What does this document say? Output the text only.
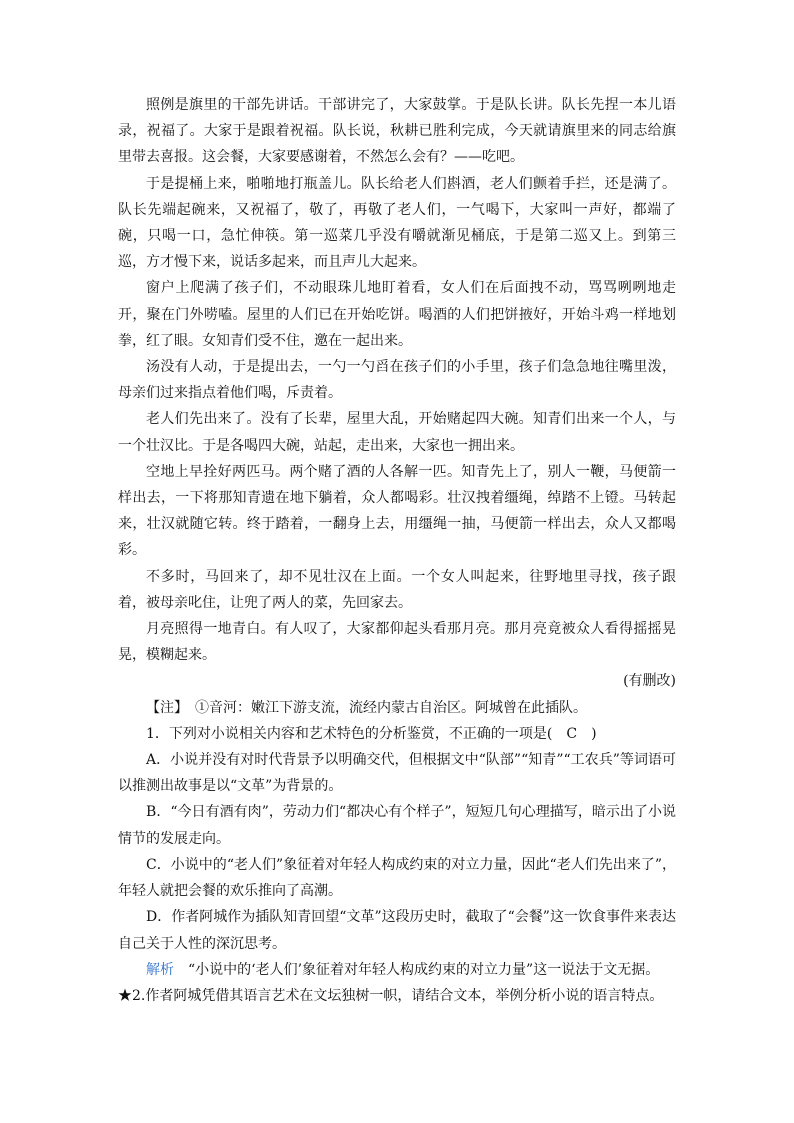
照例是旗里的干部先讲话。干部讲完了，大家鼓掌。于是队长讲。队长先捏一本儿语录，祝福了。大家于是跟着祝福。队长说，秋耕已胜利完成，今天就请旗里来的同志给旗里带去喜报。这会餐，大家要感谢着，不然怎么会有？——吃吧。

于是提桶上来，啪啪地打瓶盖儿。队长给老人们斟酒，老人们颤着手拦，还是满了。队长先端起碗来，又祝福了，敬了，再敬了老人们，一气喝下，大家叫一声好，都端了碗，只喝一口，急忙伸筷。第一巡菜几乎没有嚼就渐见桶底，于是第二巡又上。到第三巡，方才慢下来，说话多起来，而且声儿大起来。

窗户上爬满了孩子们，不动眼珠儿地盯着看，女人们在后面拽不动，骂骂咧咧地走开，聚在门外唠嗑。屋里的人们已在开始吃饼。喝酒的人们把饼掖好，开始斗鸡一样地划拳，红了眼。女知青们受不住，邀在一起出来。

汤没有人动，于是提出去，一勺一勺舀在孩子们的小手里，孩子们急急地往嘴里泼，母亲们过来指点着他们喝，斥责着。

老人们先出来了。没有了长辈，屋里大乱，开始赌起四大碗。知青们出来一个人，与一个壮汉比。于是各喝四大碗，站起，走出来，大家也一拥出来。

空地上早拴好两匹马。两个赌了酒的人各解一匹。知青先上了，别人一鞭，马便箭一样出去，一下将那知青遗在地下躺着，众人都喝彩。壮汉拽着缰绳，绰踏不上镫。马转起来，壮汉就随它转。终于踏着，一翻身上去，用缰绳一抽，马便箭一样出去，众人又都喝彩。

不多时，马回来了，却不见壮汉在上面。一个女人叫起来，往野地里寻找，孩子跟着，被母亲叱住，让兜了两人的菜，先回家去。

月亮照得一地青白。有人叹了，大家都仰起头看那月亮。那月亮竟被众人看得摇摇晃晃，模糊起来。

(有删改)

【注】　①音河：嫩江下游支流，流经内蒙古自治区。阿城曾在此插队。

1．下列对小说相关内容和艺术特色的分析鉴赏，不正确的一项是(　C　)

A．小说并没有对时代背景予以明确交代，但根据文中“队部”“知青”“工农兵”等词语可以推测出故事是以“文革”为背景的。

B．“今日有酒有肉”，劳动力们“都决心有个样子”，短短几句心理描写，暗示出了小说情节的发展走向。

C．小说中的“老人们”象征着对年轻人构成约束的对立力量，因此“老人们先出来了”，年轻人就把会餐的欢乐推向了高潮。

D．作者阿城作为插队知青回望“文革”这段历史时，截取了“会餐”这一饮食事件来表达自己关于人性的深沉思考。

解析　“小说中的‘老人们’象征着对年轻人构成约束的对立力量”这一说法于文无据。

★2.作者阿城凭借其语言艺术在文坛独树一帜，请结合文本，举例分析小说的语言特点。
